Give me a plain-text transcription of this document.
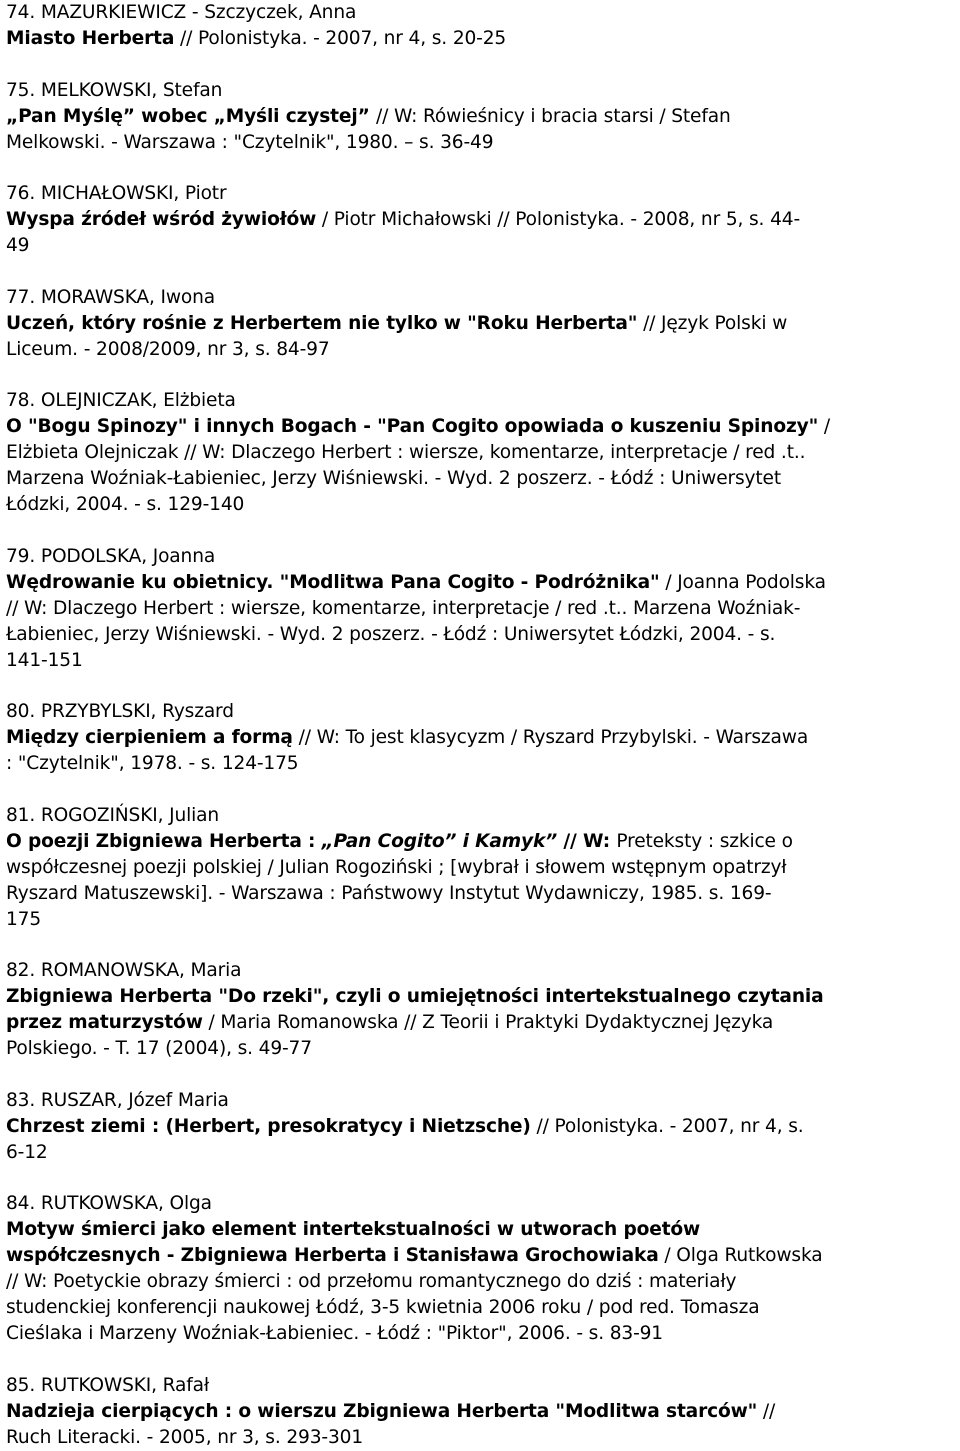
74. MAZURKIEWICZ - Szczyczek, Anna
Miasto Herberta // Polonistyka. - 2007, nr 4, s. 20-25
75. MELKOWSKI, Stefan
„Pan Myślę” wobec „Myśli czystej” // W: Rówieśnicy i bracia starsi / Stefan
Melkowski. - Warszawa : "Czytelnik", 1980. – s. 36-49
76. MICHAŁOWSKI, Piotr
Wyspa źródeł wśród żywiołów / Piotr Michałowski // Polonistyka. - 2008, nr 5, s. 44-
49
77. MORAWSKA, Iwona
Uczeń, który rośnie z Herbertem nie tylko w "Roku Herberta" // Język Polski w
Liceum. - 2008/2009, nr 3, s. 84-97
78. OLEJNICZAK, Elżbieta
O "Bogu Spinozy" i innych Bogach - "Pan Cogito opowiada o kuszeniu Spinozy" /
Elżbieta Olejniczak // W: Dlaczego Herbert : wiersze, komentarze, interpretacje / red .t..
Marzena Woźniak-Łabieniec, Jerzy Wiśniewski. - Wyd. 2 poszerz. - Łódź : Uniwersytet
Łódzki, 2004. - s. 129-140
79. PODOLSKA, Joanna
Wędrowanie ku obietnicy. "Modlitwa Pana Cogito - Podróżnika" / Joanna Podolska
// W: Dlaczego Herbert : wiersze, komentarze, interpretacje / red .t.. Marzena Woźniak-
Łabieniec, Jerzy Wiśniewski. - Wyd. 2 poszerz. - Łódź : Uniwersytet Łódzki, 2004. - s.
141-151
80. PRZYBYLSKI, Ryszard
Między cierpieniem a formą // W: To jest klasycyzm / Ryszard Przybylski. - Warszawa
: "Czytelnik", 1978. - s. 124-175
81. ROGOZIŃSKI, Julian
O poezji Zbigniewa Herberta : „Pan Cogito” i Kamyk” // W: Preteksty : szkice o
współczesnej poezji polskiej / Julian Rogoziński ; [wybrał i słowem wstępnym opatrzył
Ryszard Matuszewski]. - Warszawa : Państwowy Instytut Wydawniczy, 1985. s. 169-
175
82. ROMANOWSKA, Maria
Zbigniewa Herberta "Do rzeki", czyli o umiejętności intertekstualnego czytania
przez maturzystów / Maria Romanowska // Z Teorii i Praktyki Dydaktycznej Języka
Polskiego. - T. 17 (2004), s. 49-77
83. RUSZAR, Józef Maria
Chrzest ziemi : (Herbert, presokratycy i Nietzsche) // Polonistyka. - 2007, nr 4, s.
6-12
84. RUTKOWSKA, Olga
Motyw śmierci jako element intertekstualności w utworach poetów
współczesnych - Zbigniewa Herberta i Stanisława Grochowiaka / Olga Rutkowska
// W: Poetyckie obrazy śmierci : od przełomu romantycznego do dziś : materiały
studenckiej konferencji naukowej Łódź, 3-5 kwietnia 2006 roku / pod red. Tomasza
Cieślaka i Marzeny Woźniak-Łabieniec. - Łódź : "Piktor", 2006. - s. 83-91
85. RUTKOWSKI, Rafał
Nadzieja cierpiących : o wierszu Zbigniewa Herberta "Modlitwa starców" //
Ruch Literacki. - 2005, nr 3, s. 293-301
